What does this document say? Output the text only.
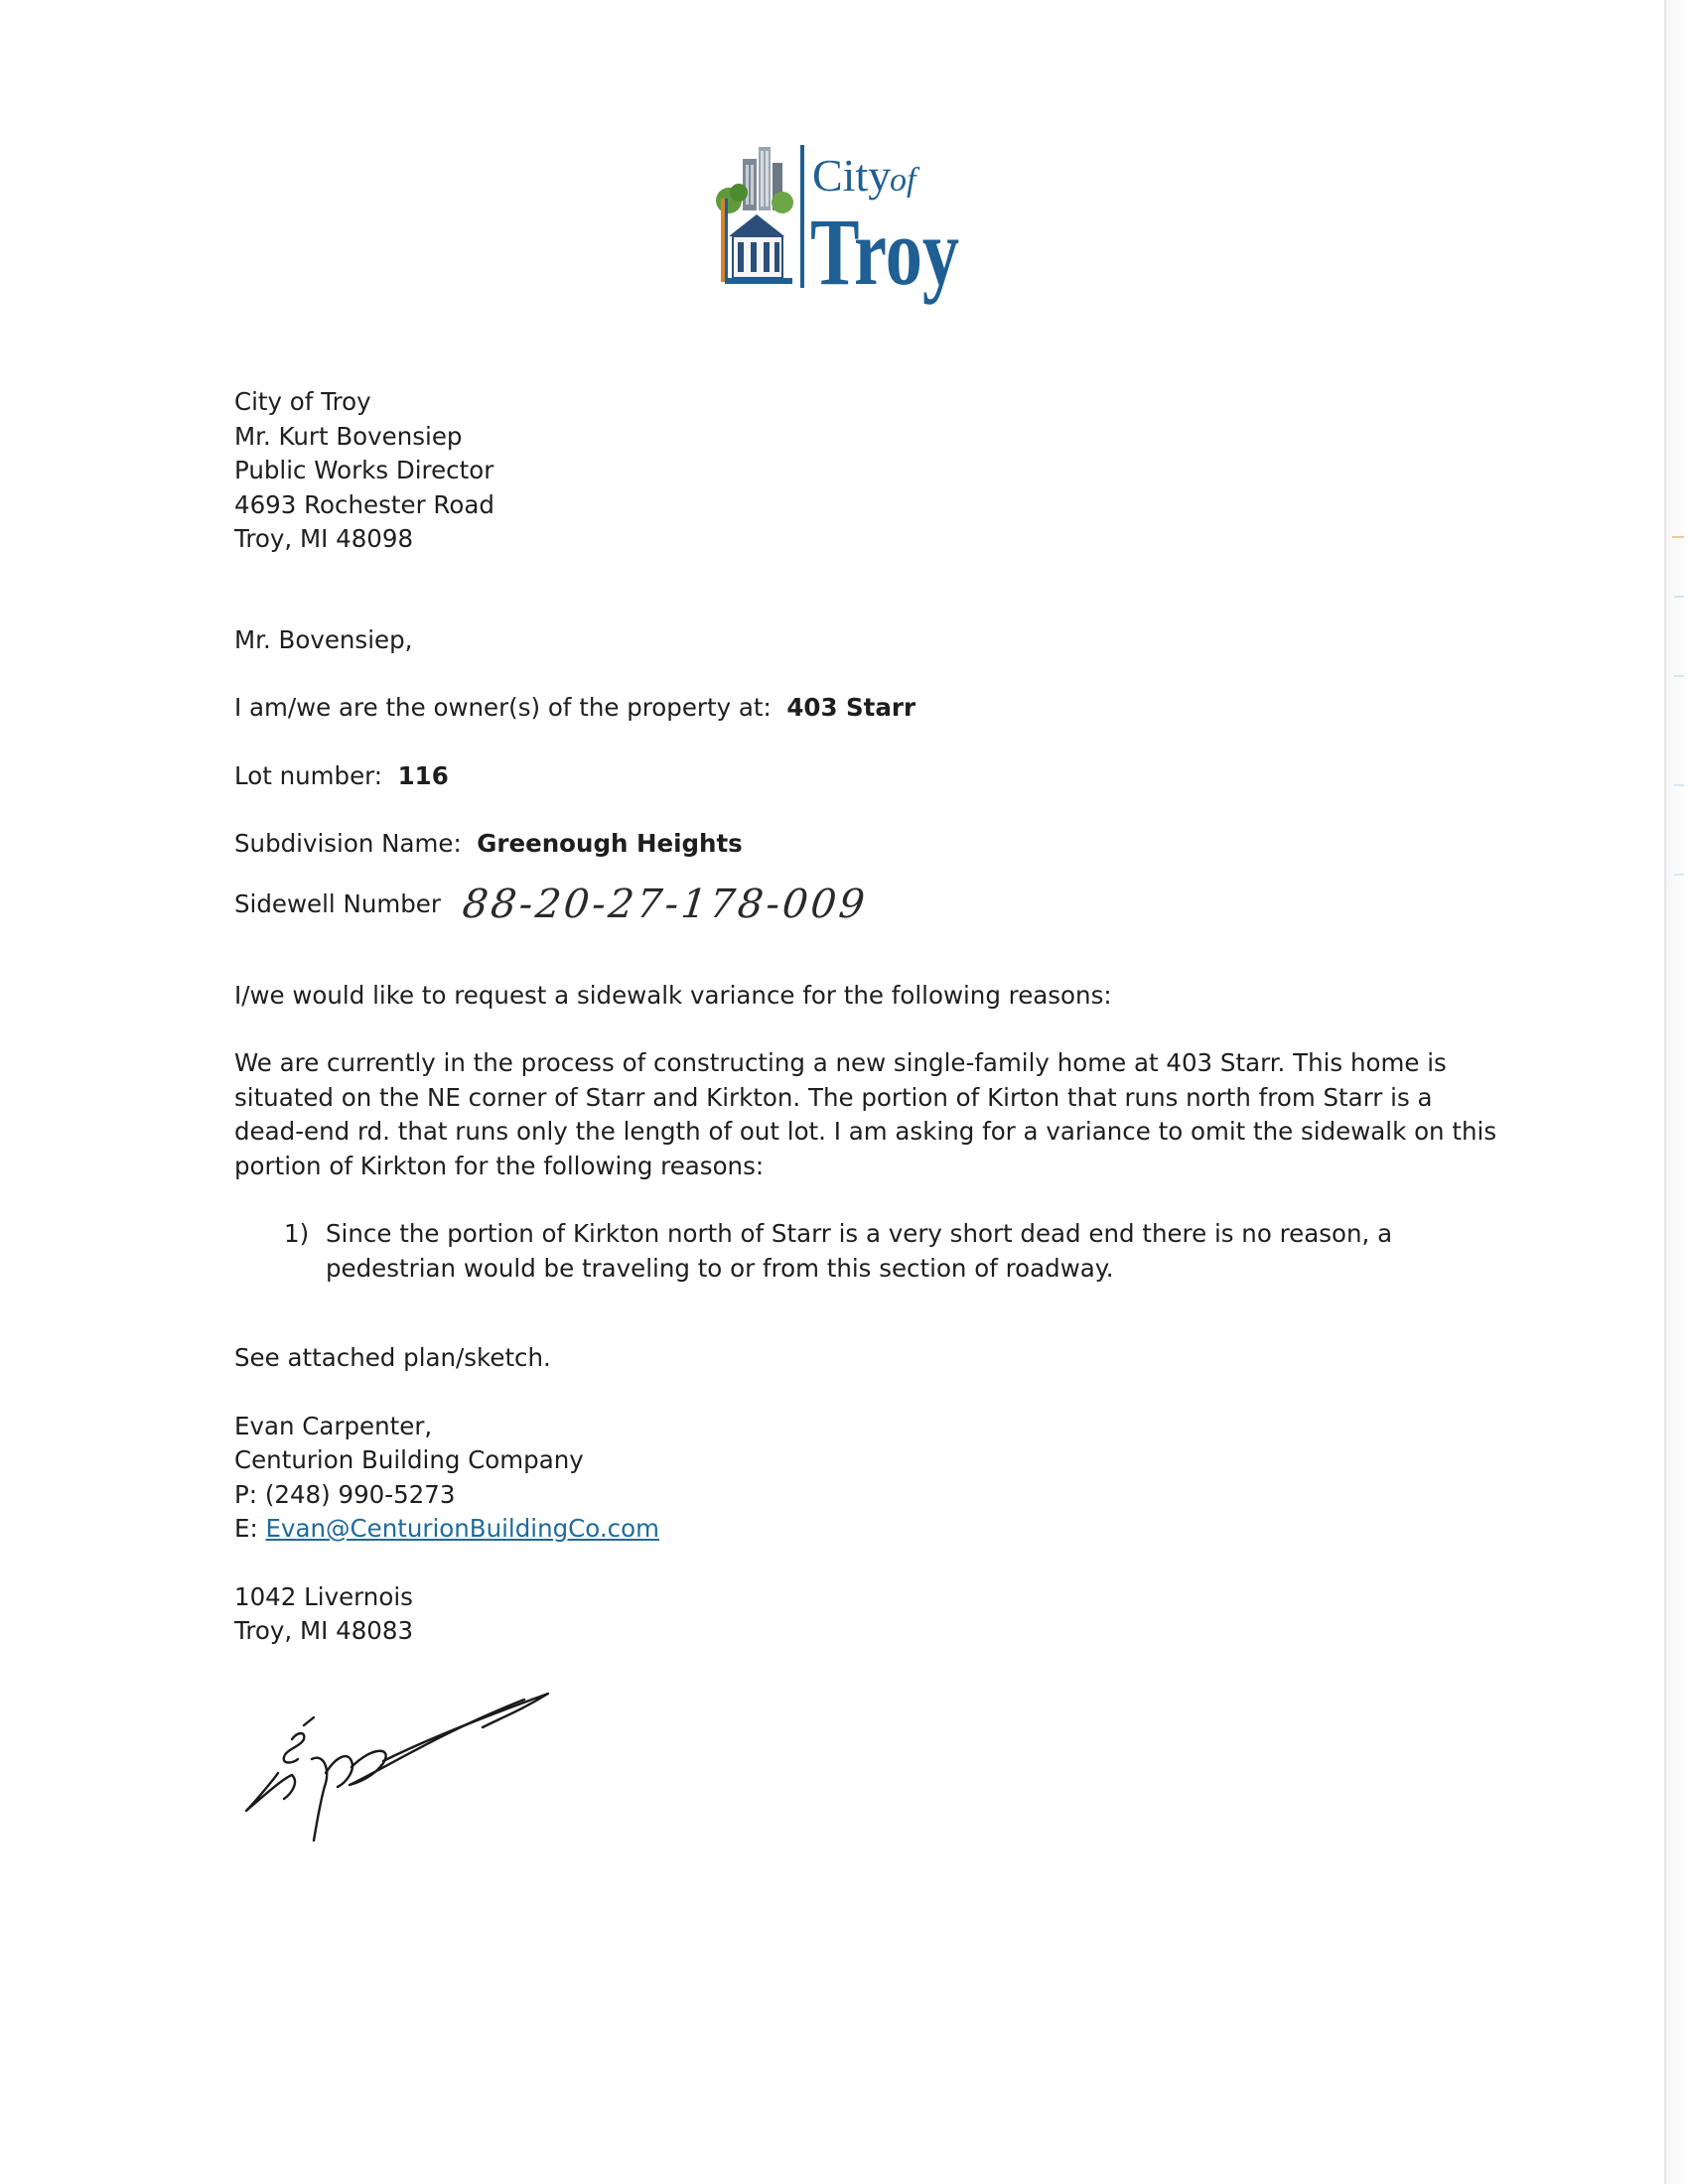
City
of
Troy
City of Troy
Mr. Kurt Bovensiep
Public Works Director
4693 Rochester Road
Troy, MI 48098
Mr. Bovensiep,
I am/we are the owner(s) of the property at: 403 Starr
Lot number: 116
Subdivision Name: Greenough Heights
Sidewell Number 88-20-27-178-009
I/we would like to request a sidewalk variance for the following reasons:
We are currently in the process of constructing a new single-family home at 403 Starr. This home is
situated on the NE corner of Starr and Kirkton. The portion of Kirton that runs north from Starr is a
dead-end rd. that runs only the length of out lot. I am asking for a variance to omit the sidewalk on this
portion of Kirkton for the following reasons:
1) Since the portion of Kirkton north of Starr is a very short dead end there is no reason, a
pedestrian would be traveling to or from this section of roadway.
See attached plan/sketch.
Evan Carpenter,
Centurion Building Company
P: (248) 990-5273
E: Evan@CenturionBuildingCo.com
1042 Livernois
Troy, MI 48083
